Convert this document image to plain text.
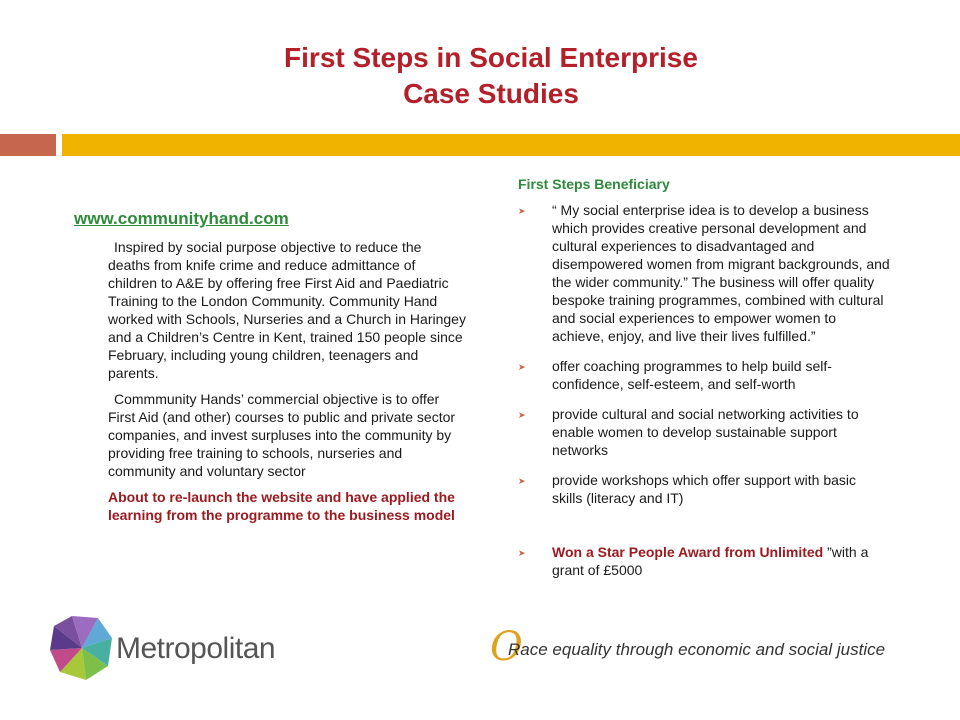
First Steps in Social Enterprise
Case Studies
www.communityhand.com

Inspired by social purpose objective to reduce the deaths from knife crime and reduce admittance of children to A&E by offering free First Aid and Paediatric Training to the London Community. Community Hand worked with Schools, Nurseries and a Church in Haringey and a Children’s Centre in Kent, trained 150 people since February, including young children, teenagers and parents.

Commmunity Hands’ commercial objective is to offer First Aid (and other) courses to public and private sector companies, and invest surpluses into the community by providing free training to schools, nurseries and community and voluntary sector

About to re-launch the website and have applied the learning from the programme to the business model

First Steps Beneficiary

➤ “ My social enterprise idea is to develop a business which provides creative personal development and cultural experiences to disadvantaged and disempowered women from migrant backgrounds, and the wider community.” The business will offer quality bespoke training programmes, combined with cultural and social experiences to empower women to achieve, enjoy, and live their lives fulfilled.”
➤ offer coaching programmes to help build self-confidence, self-esteem, and self-worth
➤ provide cultural and social networking activities to enable women to develop sustainable support networks
➤ provide workshops which offer support with basic skills (literacy and IT)
➤ Won a Star People Award from Unlimited ”with a grant of £5000
Metropolitan	O
Race equality through economic and social justice
